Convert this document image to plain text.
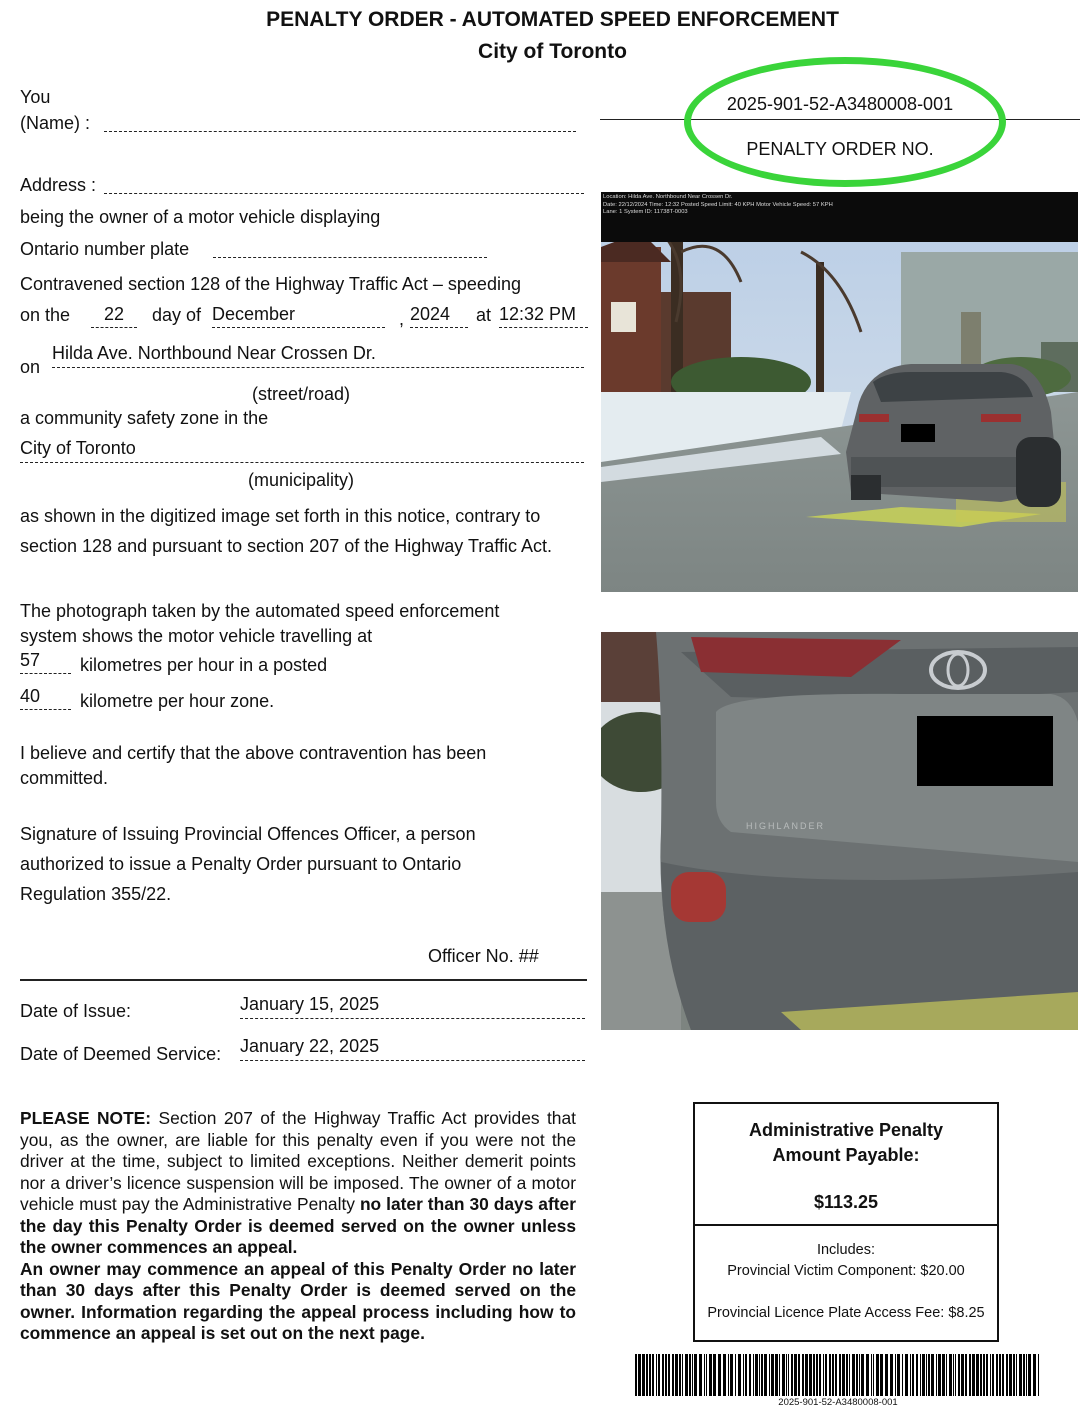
PENALTY ORDER - AUTOMATED SPEED ENFORCEMENT
City of Toronto
2025-901-52-A3480008-001
PENALTY ORDER NO.
You
(Name) :
Address :
being the owner of a motor vehicle displaying
Ontario number plate
Contravened section 128 of the Highway Traffic Act – speeding
on the	22	day of December	, 2024	at 12:32 PM
on
Hilda Ave. Northbound Near Crossen Dr.
(street/road)
a community safety zone in the
City of Toronto
(municipality)
as shown in the digitized image set forth in this notice, contrary to section 128 and pursuant to section 207 of the Highway Traffic Act.
The photograph taken by the automated speed enforcement system shows the motor vehicle travelling at
57	kilometres per hour in a posted
40	kilometre per hour zone.
I believe and certify that the above contravention has been committed.
Signature of Issuing Provincial Offences Officer, a person authorized to issue a Penalty Order pursuant to Ontario Regulation 355/22.
Officer No. ##
Date of Issue:	January 15, 2025
Date of Deemed Service: January 22, 2025
PLEASE NOTE: Section 207 of the Highway Traffic Act provides that you, as the owner, are liable for this penalty even if you were not the driver at the time, subject to limited exceptions. Neither demerit points nor a driver’s licence suspension will be imposed. The owner of a motor vehicle must pay the Administrative Penalty no later than 30 days after the day this Penalty Order is deemed served on the owner unless the owner commences an appeal.
An owner may commence an appeal of this Penalty Order no later than 30 days after this Penalty Order is deemed served on the owner. Information regarding the appeal process including how to commence an appeal is set out on the next page.
Location: Hilda Ave. Northbound Near Crossen Dr.
Date: 22/12/2024 Time: 12:32 Posted Speed Limit: 40 KPH Motor Vehicle Speed: 57 KPH
Lane: 1 System ID: 11738T-0003
HIGHLANDER
Administrative Penalty
Amount Payable:
$113.25
Includes:
Provincial Victim Component: $20.00
Provincial Licence Plate Access Fee: $8.25
2025-901-52-A3480008-001
